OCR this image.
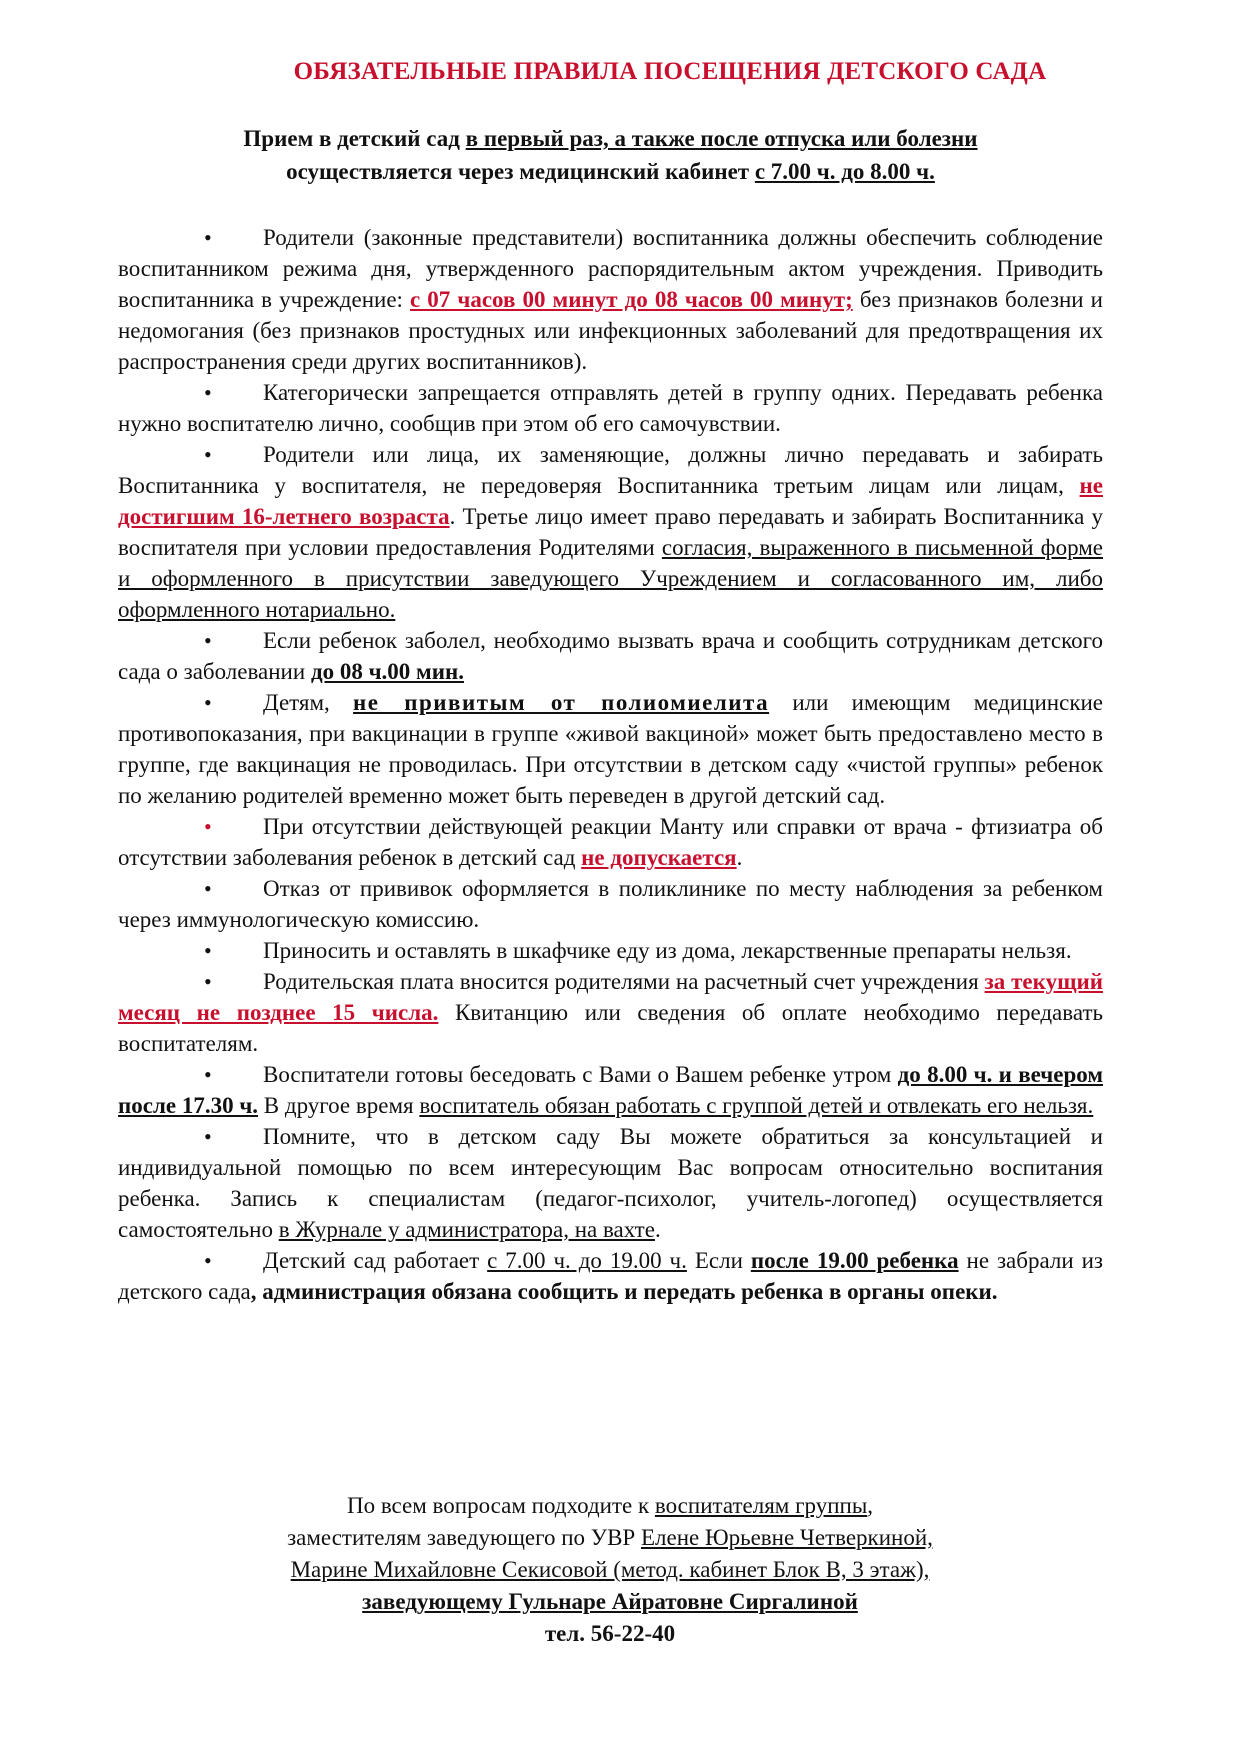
ОБЯЗАТЕЛЬНЫЕ ПРАВИЛА ПОСЕЩЕНИЯ ДЕТСКОГО САДА
Прием в детский сад в первый раз, а также после отпуска или болезни
осуществляется через медицинский кабинет с 7.00 ч. до 8.00 ч.

• Родители (законные представители) воспитанника должны обеспечить соблюдение воспитанником режима дня, утвержденного распорядительным актом учреждения. Приводить воспитанника в учреждение: с 07 часов 00 минут до 08 часов 00 минут; без признаков болезни и недомогания (без признаков простудных или инфекционных заболеваний для предотвращения их распространения среди других воспитанников).

• Категорически запрещается отправлять детей в группу одних. Передавать ребенка нужно воспитателю лично, сообщив при этом об его самочувствии.

• Родители или лица, их заменяющие, должны лично передавать и забирать Воспитанника у воспитателя, не передоверяя Воспитанника третьим лицам или лицам, не достигшим 16-летнего возраста. Третье лицо имеет право передавать и забирать Воспитанника у воспитателя при условии предоставления Родителями согласия, выраженного в письменной форме и оформленного в присутствии заведующего Учреждением и согласованного им, либо оформленного нотариально.

• Если ребенок заболел, необходимо вызвать врача и сообщить сотрудникам детского сада о заболевании до 08 ч.00 мин.

• Детям, не привитым от полиомиелита или имеющим медицинские противопоказания, при вакцинации в группе «живой вакциной» может быть предоставлено место в группе, где вакцинация не проводилась. При отсутствии в детском саду «чистой группы» ребенок по желанию родителей временно может быть переведен в другой детский сад.

• При отсутствии действующей реакции Манту или справки от врача - фтизиатра об отсутствии заболевания ребенок в детский сад не допускается.

• Отказ от прививок оформляется в поликлинике по месту наблюдения за ребенком через иммунологическую комиссию.

• Приносить и оставлять в шкафчике еду из дома, лекарственные препараты нельзя.

• Родительская плата вносится родителями на расчетный счет учреждения за текущий месяц не позднее 15 числа. Квитанцию или сведения об оплате необходимо передавать воспитателям.

• Воспитатели готовы беседовать с Вами о Вашем ребенке утром до 8.00 ч. и вечером после 17.30 ч. В другое время воспитатель обязан работать с группой детей и отвлекать его нельзя.

• Помните, что в детском саду Вы можете обратиться за консультацией и индивидуальной помощью по всем интересующим Вас вопросам относительно воспитания ребенка. Запись к специалистам (педагог-психолог, учитель-логопед) осуществляется самостоятельно в Журнале у администратора, на вахте.

• Детский сад работает с 7.00 ч. до 19.00 ч. Если после 19.00 ребенка не забрали из детского сада, администрация обязана сообщить и передать ребенка в органы опеки.

По всем вопросам подходите к воспитателям группы,
заместителям заведующего по УВР Елене Юрьевне Четверкиной,
Марине Михайловне Секисовой (метод. кабинет Блок В, 3 этаж),
заведующему Гульнаре Айратовне Сиргалиной
тел. 56-22-40
